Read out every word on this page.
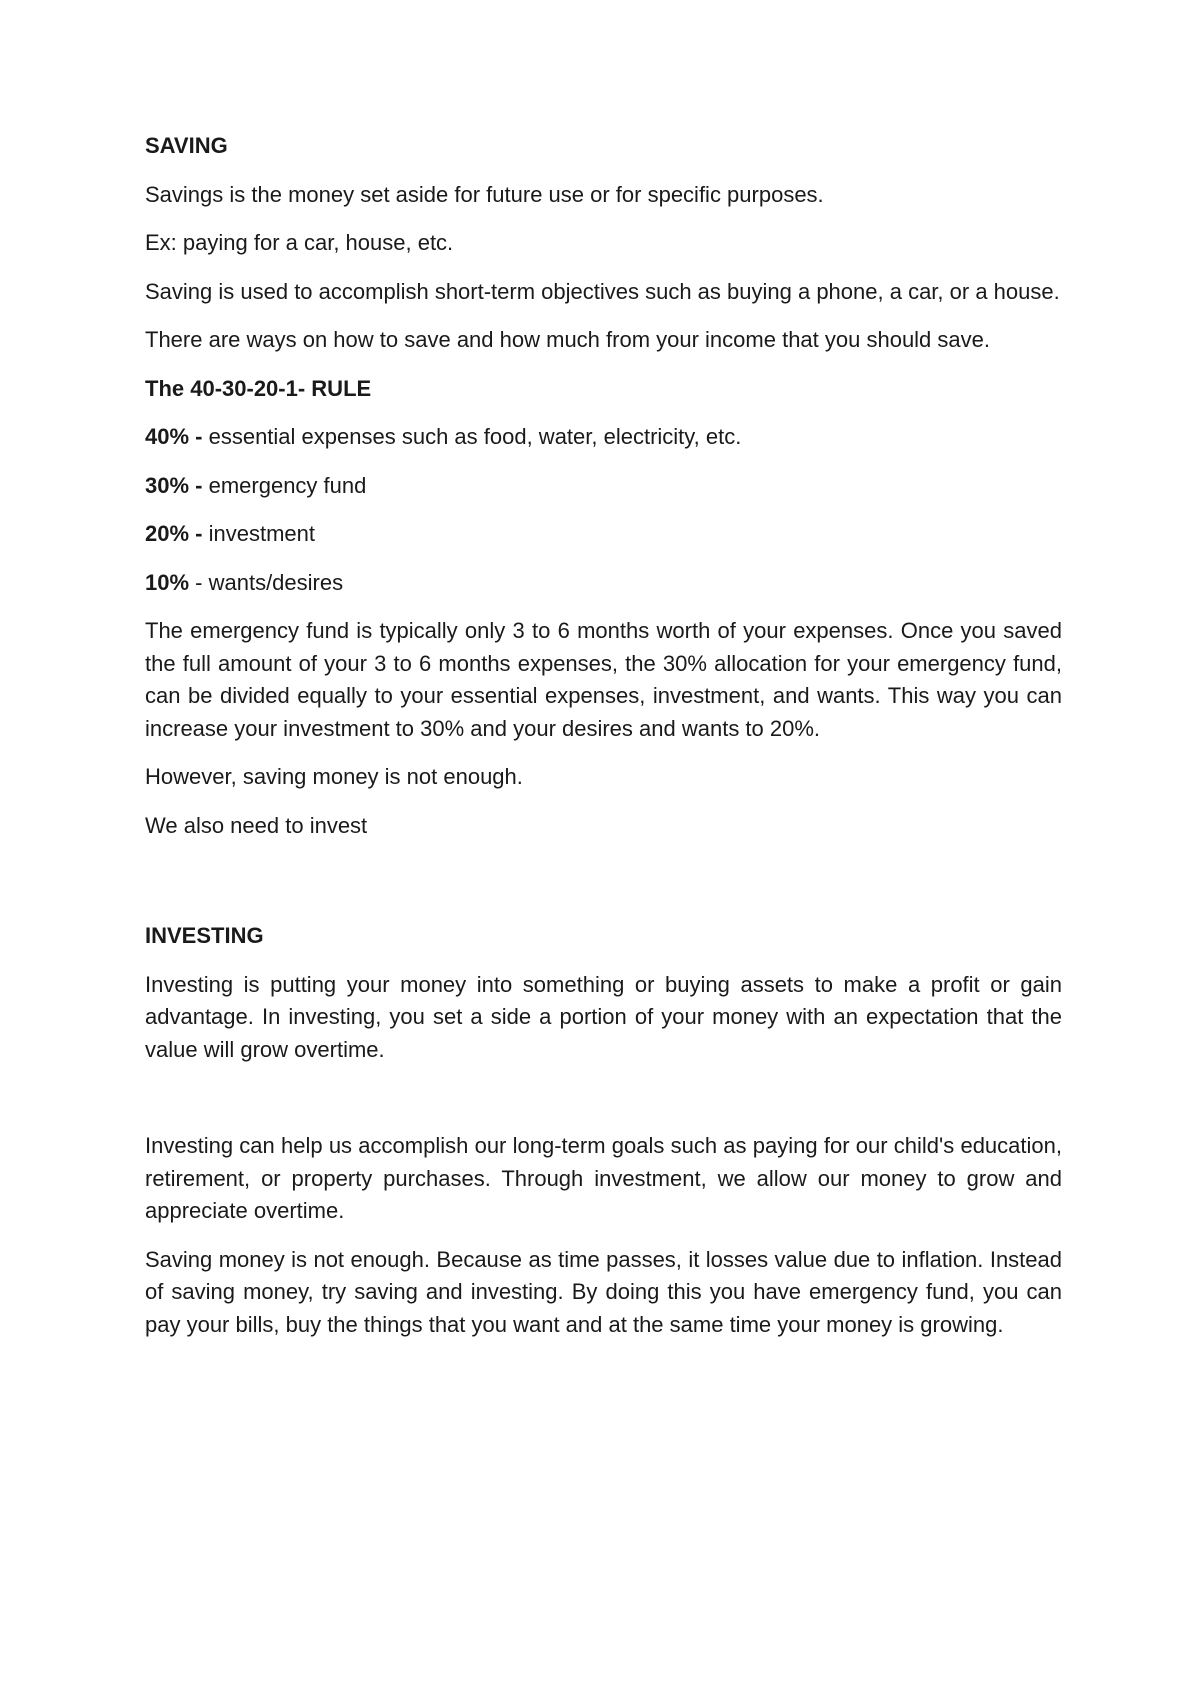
SAVING

Savings is the money set aside for future use or for specific purposes.

Ex: paying for a car, house, etc.

Saving is used to accomplish short-term objectives such as buying a phone, a car, or a house.

There are ways on how to save and how much from your income that you should save.

The 40-30-20-1- RULE

40% - essential expenses such as food, water, electricity, etc.

30% - emergency fund

20% - investment

10% - wants/desires

The emergency fund is typically only 3 to 6 months worth of your expenses. Once you saved the full amount of your 3 to 6 months expenses, the 30% allocation for your emergency fund, can be divided equally to your essential expenses, investment, and wants. This way you can increase your investment to 30% and your desires and wants to 20%.

However, saving money is not enough.

We also need to invest

INVESTING

Investing is putting your money into something or buying assets to make a profit or gain advantage. In investing, you set a side a portion of your money with an expectation that the value will grow overtime.

Investing can help us accomplish our long-term goals such as paying for our child's education, retirement, or property purchases. Through investment, we allow our money to grow and appreciate overtime.

Saving money is not enough. Because as time passes, it losses value due to inflation. Instead of saving money, try saving and investing. By doing this you have emergency fund, you can pay your bills, buy the things that you want and at the same time your money is growing.
